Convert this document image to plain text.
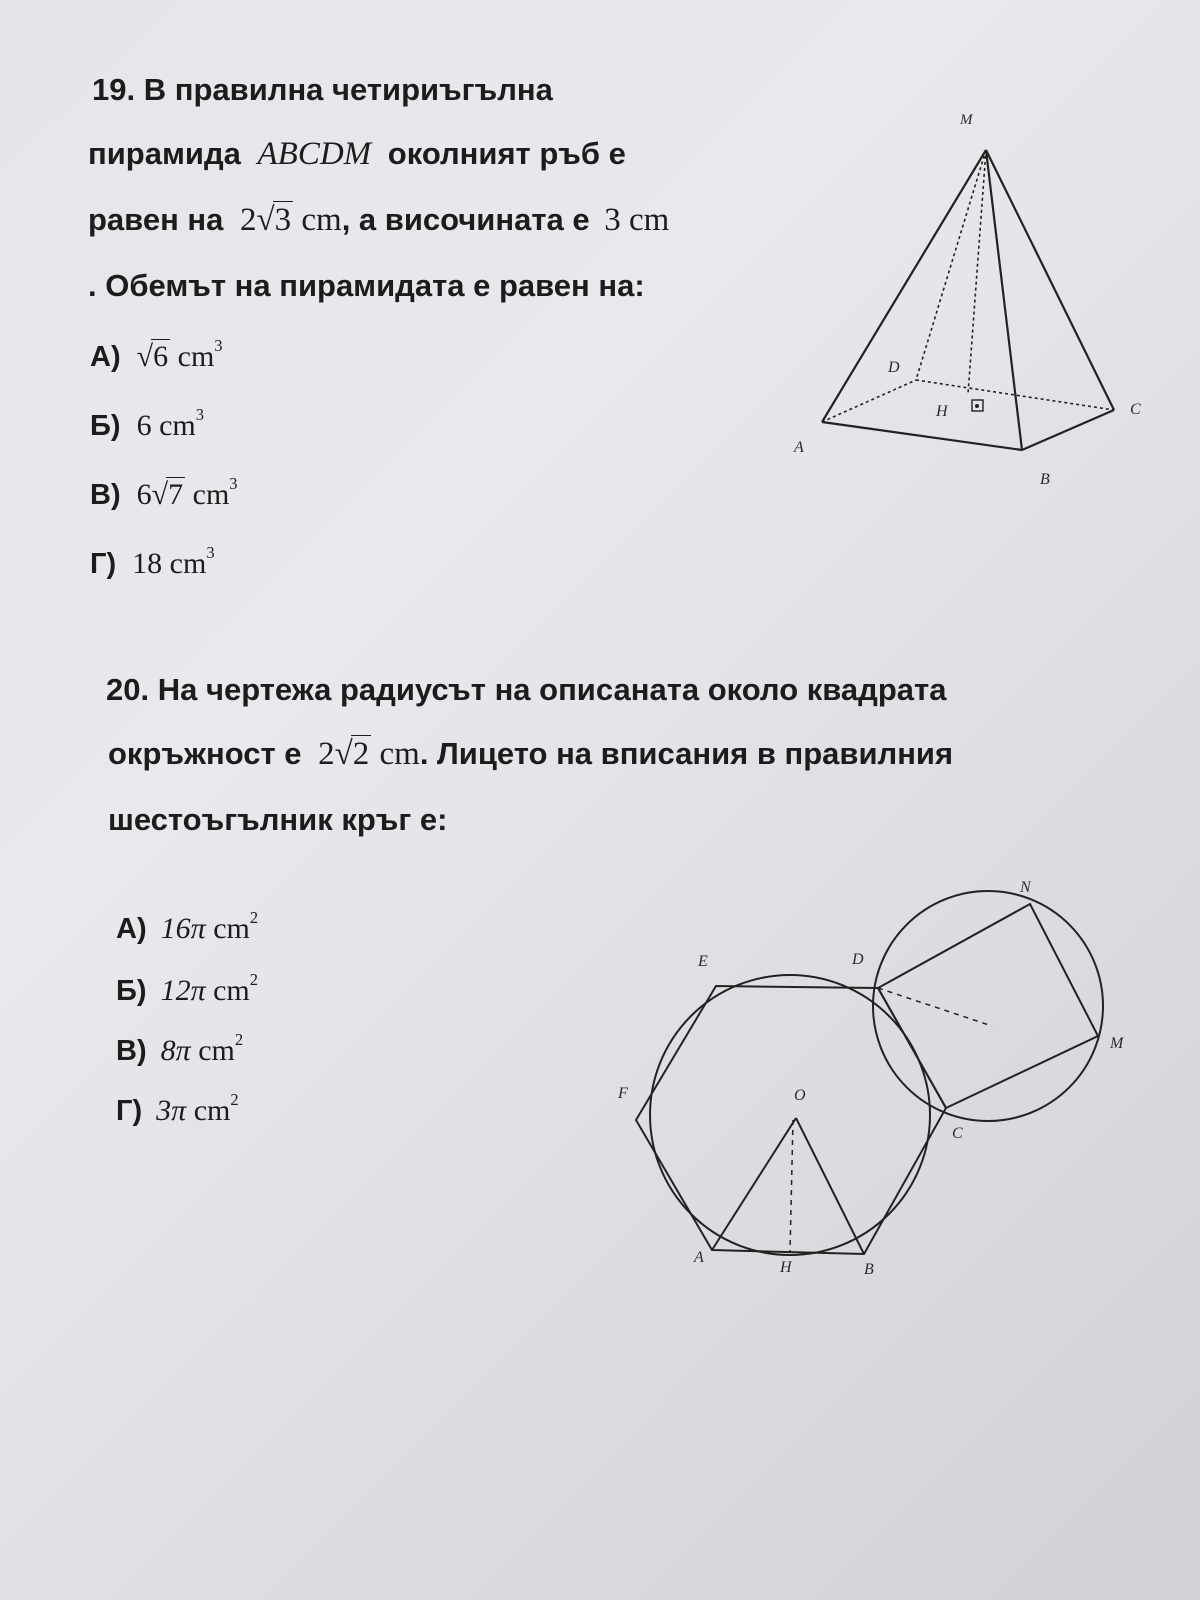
19. В правилна четириъгълна
пирамида ABCDM околният ръб е
равен на 2√3 cm, а височината е 3 cm
. Обемът на пирамидата е равен на:
А) √6 $cm^3$
Б) 6 $cm^3$
В) 6√7 $cm^3$
Г) 18 $cm^3$
M
D
H	C
A
B
20. На чертежа радиусът на описаната около квадрата
окръжност е 2√2 cm. Лицето на вписания в правилния
шестоъгълник кръг е:
А) 16π $cm^2$
Б) 12π $cm^2$
В) 8π $cm^2$
Г) 3π $cm^2$
N
E	D
M
F	O
C
A
H	B
